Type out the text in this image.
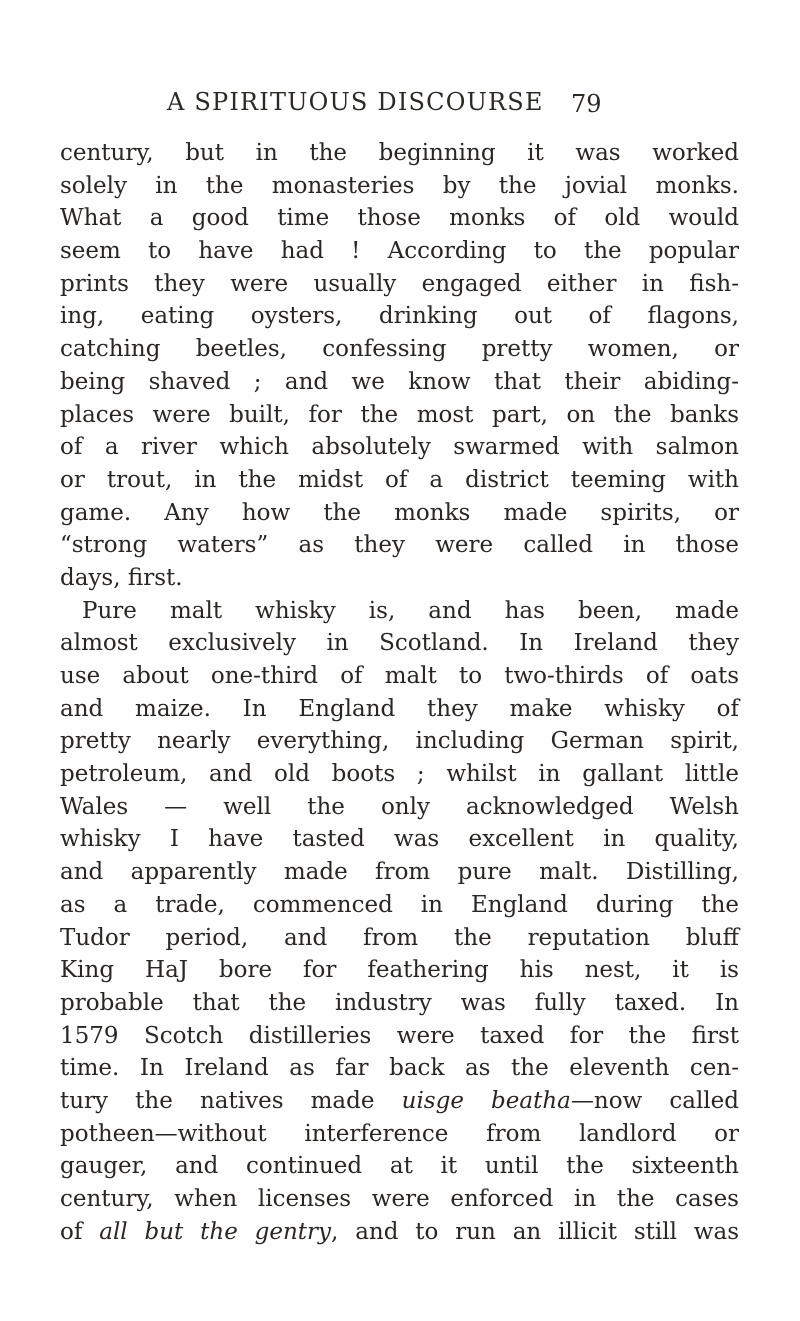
A SPIRITUOUS DISCOURSE 79
century, but in the beginning it was worked
solely in the monasteries by the jovial monks.
What a good time those monks of old would
seem to have had ! According to the popular
prints they were usually engaged either in fish-
ing, eating oysters, drinking out of flagons,
catching beetles, confessing pretty women, or
being shaved ; and we know that their abiding-
places were built, for the most part, on the banks
of a river which absolutely swarmed with salmon
or trout, in the midst of a district teeming with
game. Any how the monks made spirits, or
“strong waters” as they were called in those
days, first.
Pure malt whisky is, and has been, made
almost exclusively in Scotland. In Ireland they
use about one-third of malt to two-thirds of oats
and maize. In England they make whisky of
pretty nearly everything, including German spirit,
petroleum, and old boots ; whilst in gallant little
Wales — well the only acknowledged Welsh
whisky I have tasted was excellent in quality,
and apparently made from pure malt. Distilling,
as a trade, commenced in England during the
Tudor period, and from the reputation bluff
King HaJ bore for feathering his nest, it is
probable that the industry was fully taxed. In
1579 Scotch distilleries were taxed for the first
time. In Ireland as far back as the eleventh cen-
tury the natives made uisge beatha—now called
potheen—without interference from landlord or
gauger, and continued at it until the sixteenth
century, when licenses were enforced in the cases
of all but the gentry, and to run an illicit still was
